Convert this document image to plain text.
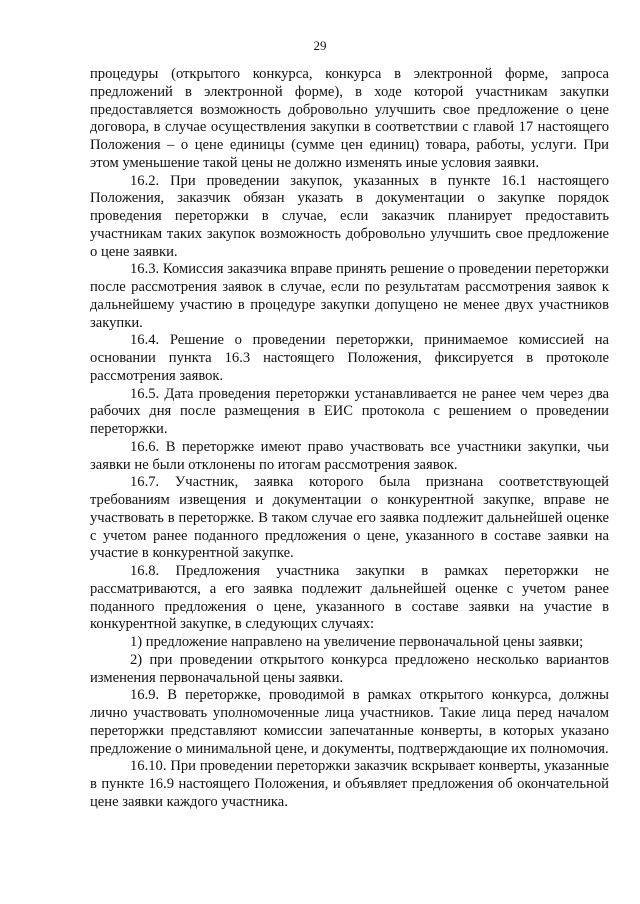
29

процедуры (открытого конкурса, конкурса в электронной форме, запроса предложений в электронной форме), в ходе которой участникам закупки предоставляется возможность добровольно улучшить свое предложение о цене договора, в случае осуществления закупки в соответствии с главой 17 настоящего Положения – о цене единицы (сумме цен единиц) товара, работы, услуги. При этом уменьшение такой цены не должно изменять иные условия заявки.

16.2. При проведении закупок, указанных в пункте 16.1 настоящего Положения, заказчик обязан указать в документации о закупке порядок проведения переторжки в случае, если заказчик планирует предоставить участникам таких закупок возможность добровольно улучшить свое предложение о цене заявки.

16.3. Комиссия заказчика вправе принять решение о проведении переторжки после рассмотрения заявок в случае, если по результатам рассмотрения заявок к дальнейшему участию в процедуре закупки допущено не менее двух участников закупки.

16.4. Решение о проведении переторжки, принимаемое комиссией на основании пункта 16.3 настоящего Положения, фиксируется в протоколе рассмотрения заявок.

16.5. Дата проведения переторжки устанавливается не ранее чем через два рабочих дня после размещения в ЕИС протокола с решением о проведении переторжки.

16.6. В переторжке имеют право участвовать все участники закупки, чьи заявки не были отклонены по итогам рассмотрения заявок.

16.7. Участник, заявка которого была признана соответствующей требованиям извещения и документации о конкурентной закупке, вправе не участвовать в переторжке. В таком случае его заявка подлежит дальнейшей оценке с учетом ранее поданного предложения о цене, указанного в составе заявки на участие в конкурентной закупке.

16.8. Предложения участника закупки в рамках переторжки не рассматриваются, а его заявка подлежит дальнейшей оценке с учетом ранее поданного предложения о цене, указанного в составе заявки на участие в конкурентной закупке, в следующих случаях:

1) предложение направлено на увеличение первоначальной цены заявки;

2) при проведении открытого конкурса предложено несколько вариантов изменения первоначальной цены заявки.

16.9. В переторжке, проводимой в рамках открытого конкурса, должны лично участвовать уполномоченные лица участников. Такие лица перед началом переторжки представляют комиссии запечатанные конверты, в которых указано предложение о минимальной цене, и документы, подтверждающие их полномочия.

16.10. При проведении переторжки заказчик вскрывает конверты, указанные в пункте 16.9 настоящего Положения, и объявляет предложения об окончательной цене заявки каждого участника.
